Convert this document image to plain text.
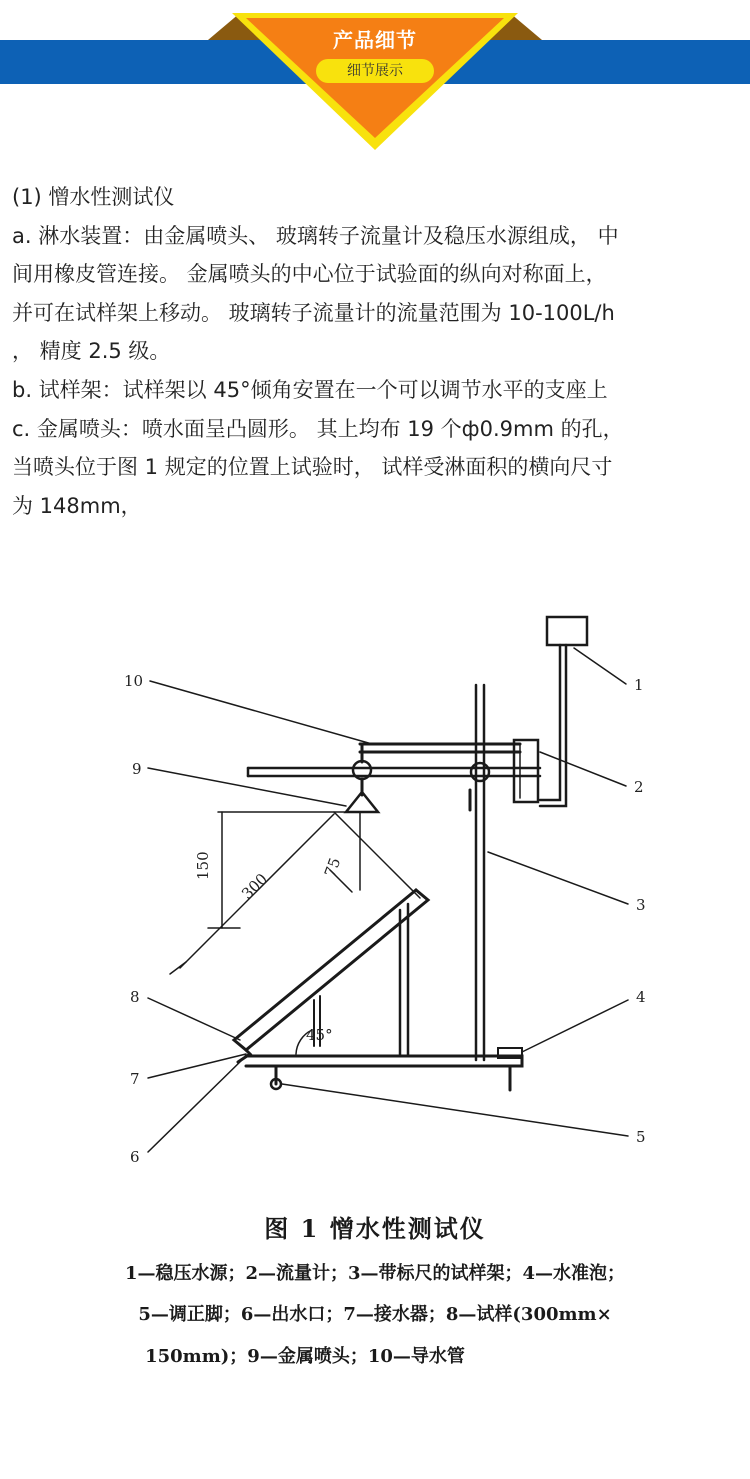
产品细节
细节展示

(1) 憎水性测试仪

a. 淋水装置：由金属喷头、 玻璃转子流量计及稳压水源组成， 中

间用橡皮管连接。 金属喷头的中心位于试验面的纵向对称面上，

并可在试样架上移动。 玻璃转子流量计的流量范围为 10-100L/h

， 精度 2.5 级。

b. 试样架：试样架以 45°倾角安置在一个可以调节水平的支座上

c. 金属喷头：喷水面呈凸圆形。 其上均布 19 个ф0.9mm 的孔，

当喷头位于图 1 规定的位置上试验时， 试样受淋面积的横向尺寸

为 148mm，

1
2
3
4
5
6
7
8
9
10
150
300
75
45°
图 1 憎水性测试仪
1—稳压水源；2—流量计；3—带标尺的试样架；4—水准泡；
5—调正脚；6—出水口；7—接水器；8—试样(300mm×
150mm)；9—金属喷头；10—导水管
